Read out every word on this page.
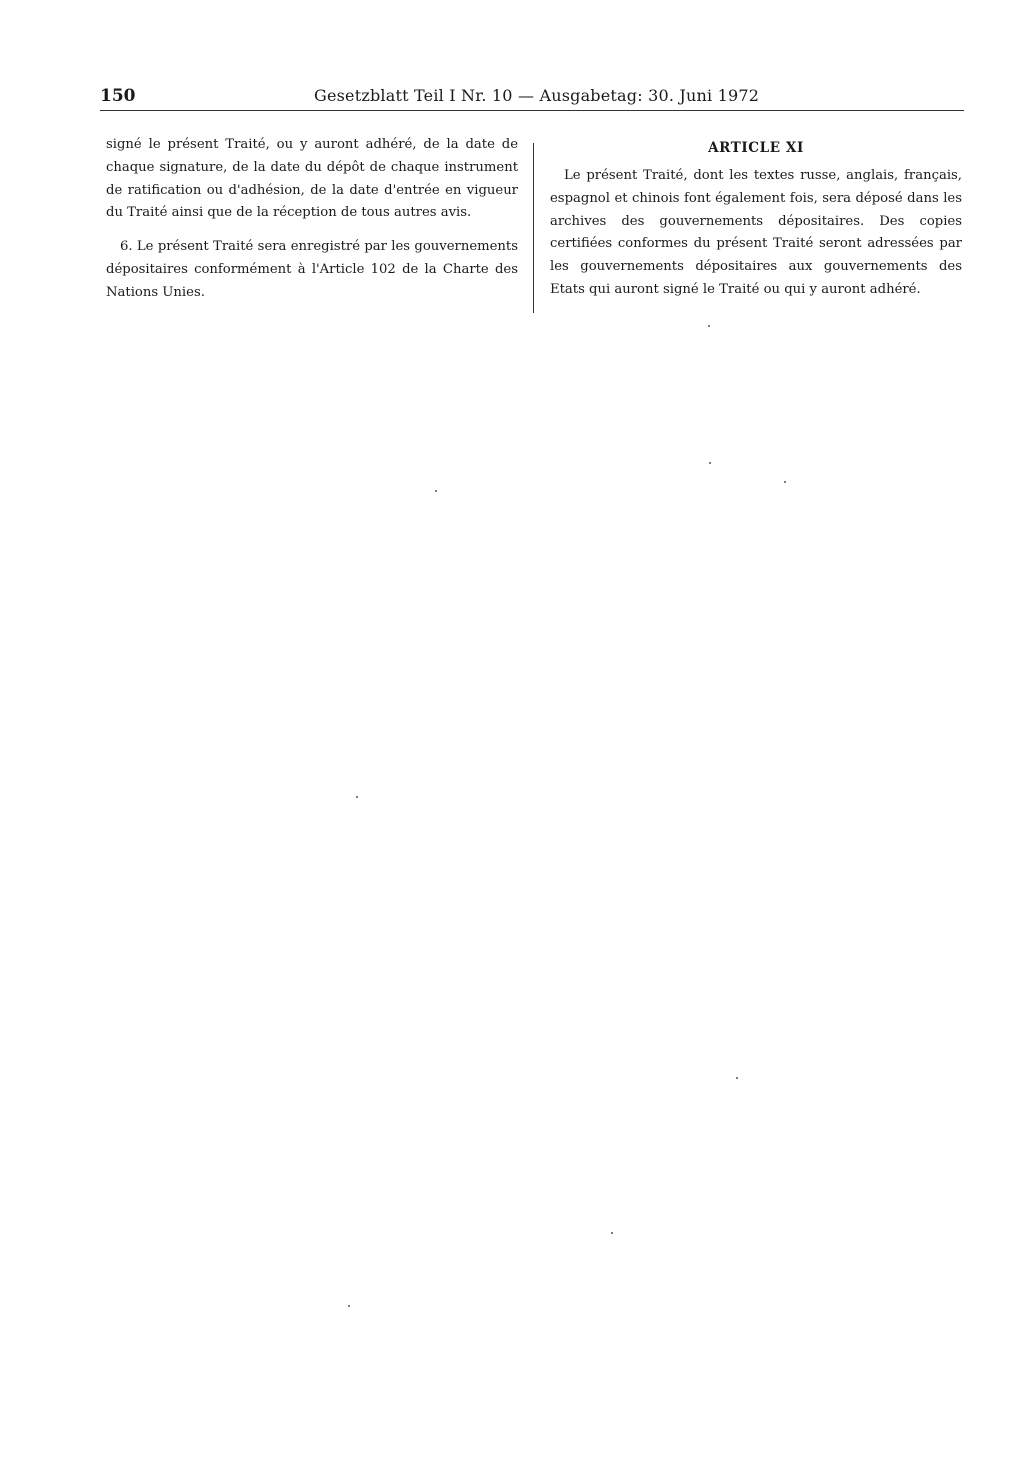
150	Gesetzblatt Teil I Nr. 10 — Ausgabetag: 30. Juni 1972

signé le présent Traité, ou y auront adhéré, de la date de chaque signature, de la date du dépôt de chaque instrument de ratification ou d'adhésion, de la date d'entrée en vigueur du Traité ainsi que de la réception de tous autres avis.

6. Le présent Traité sera enregistré par les gouvernements dépositaires conformément à l'Article 102 de la Charte des Nations Unies.

ARTICLE XI

Le présent Traité, dont les textes russe, anglais, français, espagnol et chinois font également fois, sera déposé dans les archives des gouvernements dépositaires. Des copies certifiées conformes du présent Traité seront adressées par les gouvernements dépositaires aux gouvernements des Etats qui auront signé le Traité ou qui y auront adhéré.
